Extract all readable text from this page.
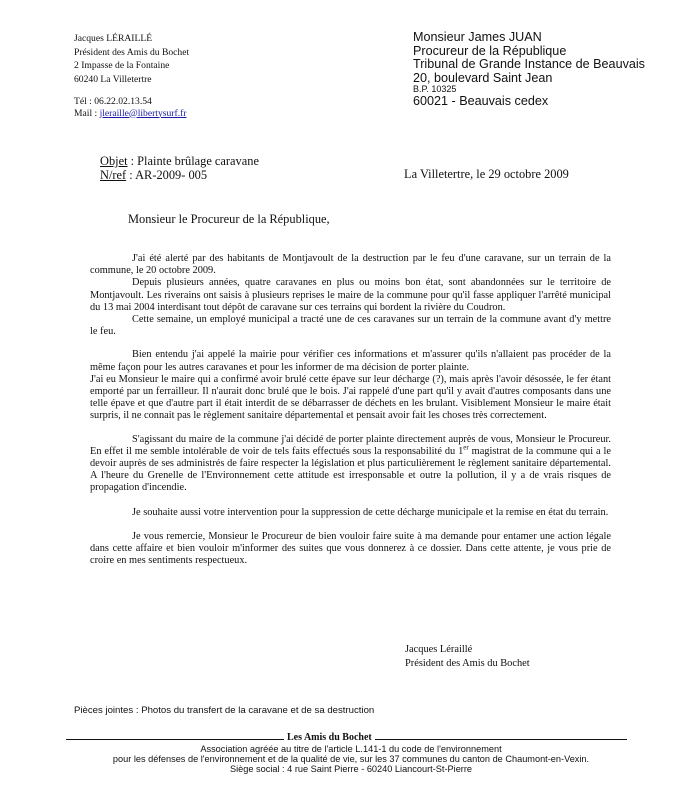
Jacques LÉRAILLÉ
Président des Amis du Bochet
2 Impasse de la Fontaine
60240 La Villetertre
Tél : 06.22.02.13.54
Mail : jleraille@libertysurf.fr
Monsieur James JUAN
Procureur de la République
Tribunal de Grande Instance de Beauvais
20, boulevard Saint Jean
B.P. 10325
60021 - Beauvais cedex
Objet : Plainte brûlage caravane
N/ref : AR-2009- 005	La Villetertre, le 29 octobre 2009
Monsieur le Procureur de la République,

J'ai été alerté par des habitants de Montjavoult de la destruction par le feu d'une caravane, sur un terrain de la commune, le 20 octobre 2009.

Depuis plusieurs années, quatre caravanes en plus ou moins bon état, sont abandonnées sur le territoire de Montjavoult. Les riverains ont saisis à plusieurs reprises le maire de la commune pour qu'il fasse appliquer l'arrêté municipal du 13 mai 2004 interdisant tout dépôt de caravane sur ces terrains qui bordent la rivière du Coudron.

Cette semaine, un employé municipal a tracté une de ces caravanes sur un terrain de la commune avant d'y mettre le feu.

Bien entendu j'ai appelé la mairie pour vérifier ces informations et m'assurer qu'ils n'allaient pas procéder de la même façon pour les autres caravanes et pour les informer de ma décision de porter plainte.

J'ai eu Monsieur le maire qui a confirmé avoir brulé cette épave sur leur décharge (?), mais après l'avoir désossée, le fer étant emporté par un ferrailleur. Il n'aurait donc brulé que le bois. J'ai rappelé d'une part qu'il y avait d'autres composants dans une telle épave et que d'autre part il était interdit de se débarrasser de déchets en les brulant. Visiblement Monsieur le maire était surpris, il ne connait pas le règlement sanitaire départemental et pensait avoir fait les choses très correctement.

S'agissant du maire de la commune j'ai décidé de porter plainte directement auprès de vous, Monsieur le Procureur. En effet il me semble intolérable de voir de tels faits effectués sous la responsabilité du 1er magistrat de la commune qui a le devoir auprès de ses administrés de faire respecter la législation et plus particulièrement le règlement sanitaire départemental. A l'heure du Grenelle de l'Environnement cette attitude est irresponsable et outre la pollution, il y a de vrais risques de propagation d'incendie.

Je souhaite aussi votre intervention pour la suppression de cette décharge municipale et la remise en état du terrain.

Je vous remercie, Monsieur le Procureur de bien vouloir faire suite à ma demande pour entamer une action légale dans cette affaire et bien vouloir m'informer des suites que vous donnerez à ce dossier. Dans cette attente, je vous prie de croire en mes sentiments respectueux.

Jacques Léraillé
Président des Amis du Bochet
Pièces jointes : Photos du transfert de la caravane et de sa destruction
Les Amis du Bochet
Association agréée au titre de l'article L.141-1 du code de l'environnement
pour les défenses de l'environnement et de la qualité de vie, sur les 37 communes du canton de Chaumont-en-Vexin.
Siège social : 4 rue Saint Pierre - 60240 Liancourt-St-Pierre
